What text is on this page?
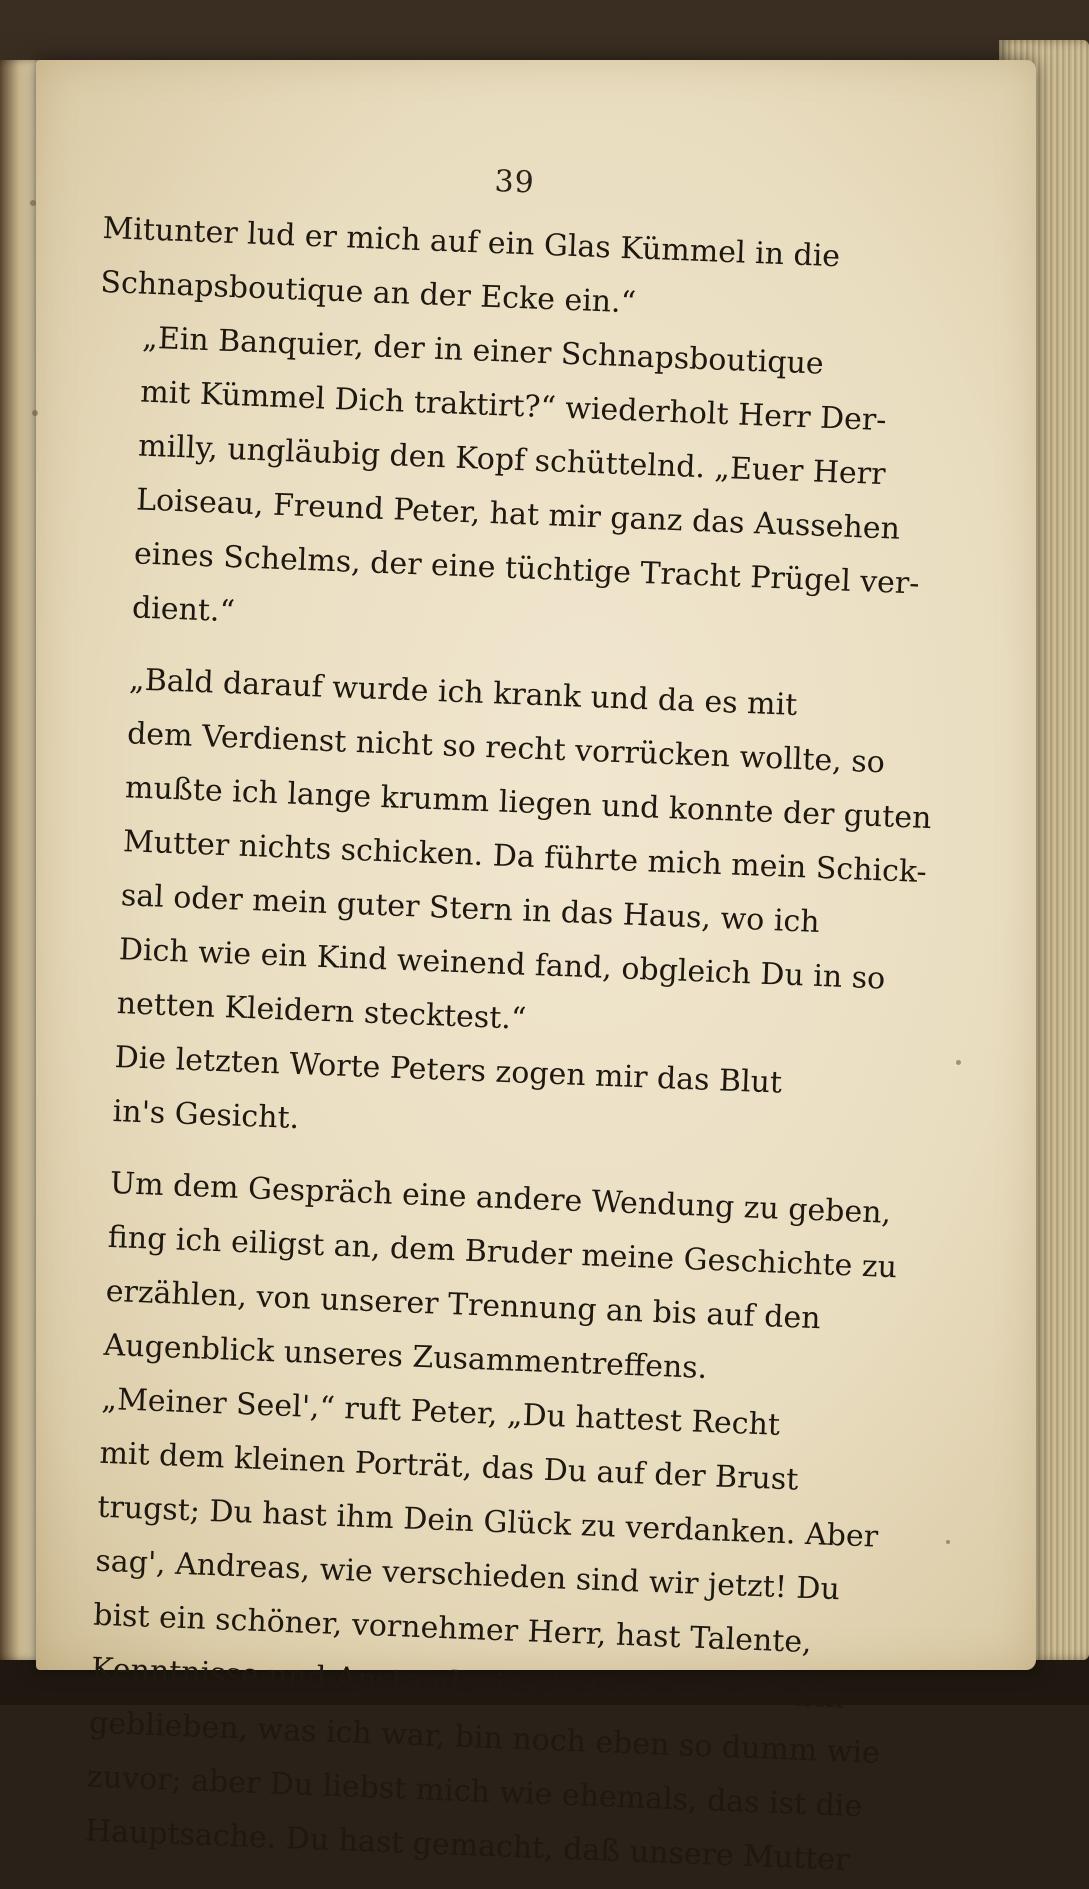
39

Mitunter lud er mich auf ein Glas Kümmel in die
Schnapsboutique an der Ecke ein.“

„Ein Banquier, der in einer Schnapsboutique
mit Kümmel Dich traktirt?“ wiederholt Herr Der-
milly, ungläubig den Kopf schüttelnd. „Euer Herr
Loiseau, Freund Peter, hat mir ganz das Aussehen
eines Schelms, der eine tüchtige Tracht Prügel ver-
dient.“

„Bald darauf wurde ich krank und da es mit
dem Verdienst nicht so recht vorrücken wollte, so
mußte ich lange krumm liegen und konnte der guten
Mutter nichts schicken. Da führte mich mein Schick-
sal oder mein guter Stern in das Haus, wo ich
Dich wie ein Kind weinend fand, obgleich Du in so
netten Kleidern stecktest.“

Die letzten Worte Peters zogen mir das Blut
in's Gesicht.

Um dem Gespräch eine andere Wendung zu geben,
fing ich eiligst an, dem Bruder meine Geschichte zu
erzählen, von unserer Trennung an bis auf den
Augenblick unseres Zusammentreffens.

„Meiner Seel',“ ruft Peter, „Du hattest Recht
mit dem kleinen Porträt, das Du auf der Brust
trugst; Du hast ihm Dein Glück zu verdanken. Aber
sag', Andreas, wie verschieden sind wir jetzt! Du
bist ein schöner, vornehmer Herr, hast Talente,
Kenntnisse und Anstand wie ein Graf, und ich bin
geblieben, was ich war, bin noch eben so dumm wie
zuvor; aber Du liebst mich wie ehemals, das ist die
Hauptsache. Du hast gemacht, daß unsere Mutter
